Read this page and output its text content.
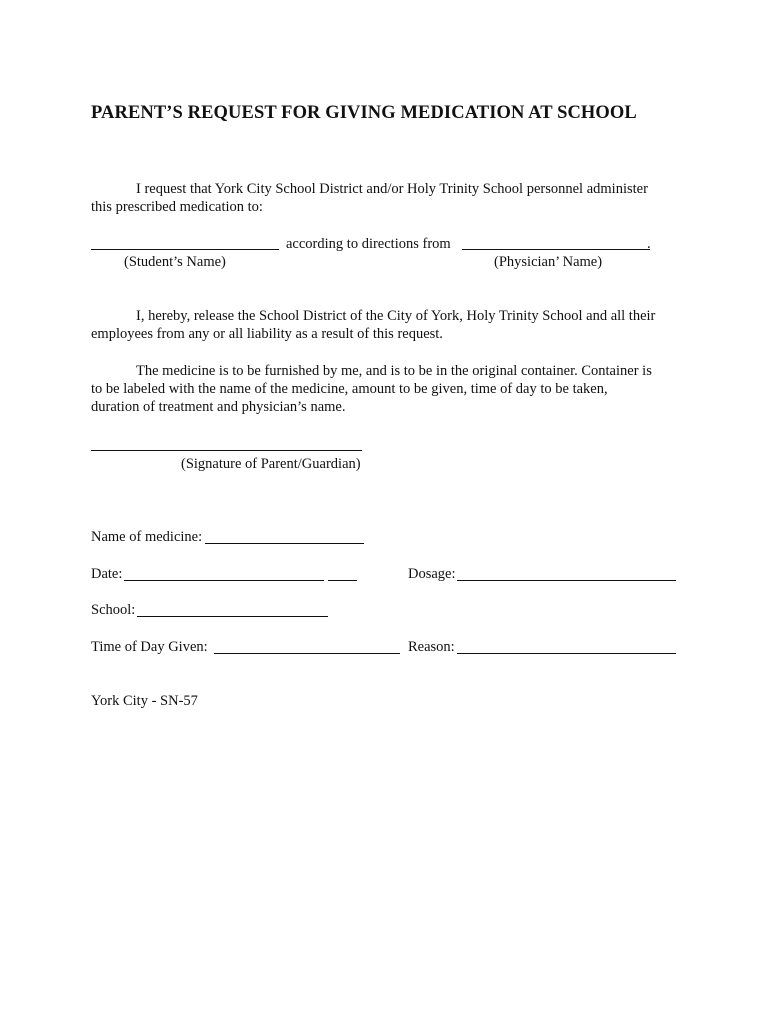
PARENT’S REQUEST FOR GIVING MEDICATION AT SCHOOL
I request that York City School District and/or Holy Trinity School personnel administer
this prescribed medication to:
according to directions from	.
(Student’s Name)	(Physician’ Name)
I, hereby, release the School District of the City of York, Holy Trinity School and all their
employees from any or all liability as a result of this request.
The medicine is to be furnished by me, and is to be in the original container. Container is
to be labeled with the name of the medicine, amount to be given, time of day to be taken,
duration of treatment and physician’s name.
(Signature of Parent/Guardian)
Name of medicine:
Date:	Dosage:
School:
Time of Day Given:	Reason:
York City - SN-57
